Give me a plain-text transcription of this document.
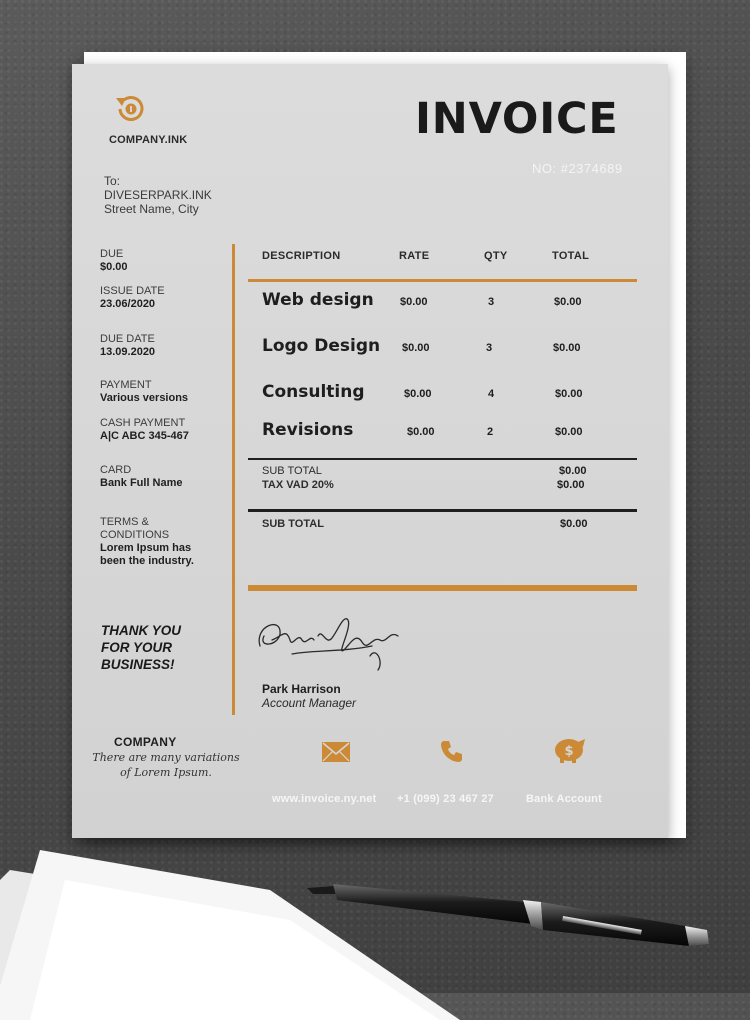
COMPANY.INK	INVOICE
NO: #2374689
To:
DIVESERPARK.INK
Street Name, City
DUE
$0.00
ISSUE DATE
23.06/2020
DUE DATE
13.09.2020
PAYMENT
Various versions
CASH PAYMENT
A|C ABC 345-467
CARD
Bank Full Name
TERMS &
CONDITIONS
Lorem Ipsum has
been the industry.
THANK YOU
FOR YOUR
BUSINESS!
DESCRIPTION	RATE	QTY	TOTAL
Web design $0.00	3	$0.00
Logo Design $0.00	3	$0.00
Consulting	$0.00	4	$0.00
Revisions	$0.00	2	$0.00
SUB TOTAL	$0.00
TAX VAD 20%	$0.00
SUB TOTAL	$0.00
Park Harrison
Account Manager
COMPANY
There are many variations
of Lorem Ipsum.
$
www.invoice.ny.net +1 (099) 23 467 27	Bank Account
